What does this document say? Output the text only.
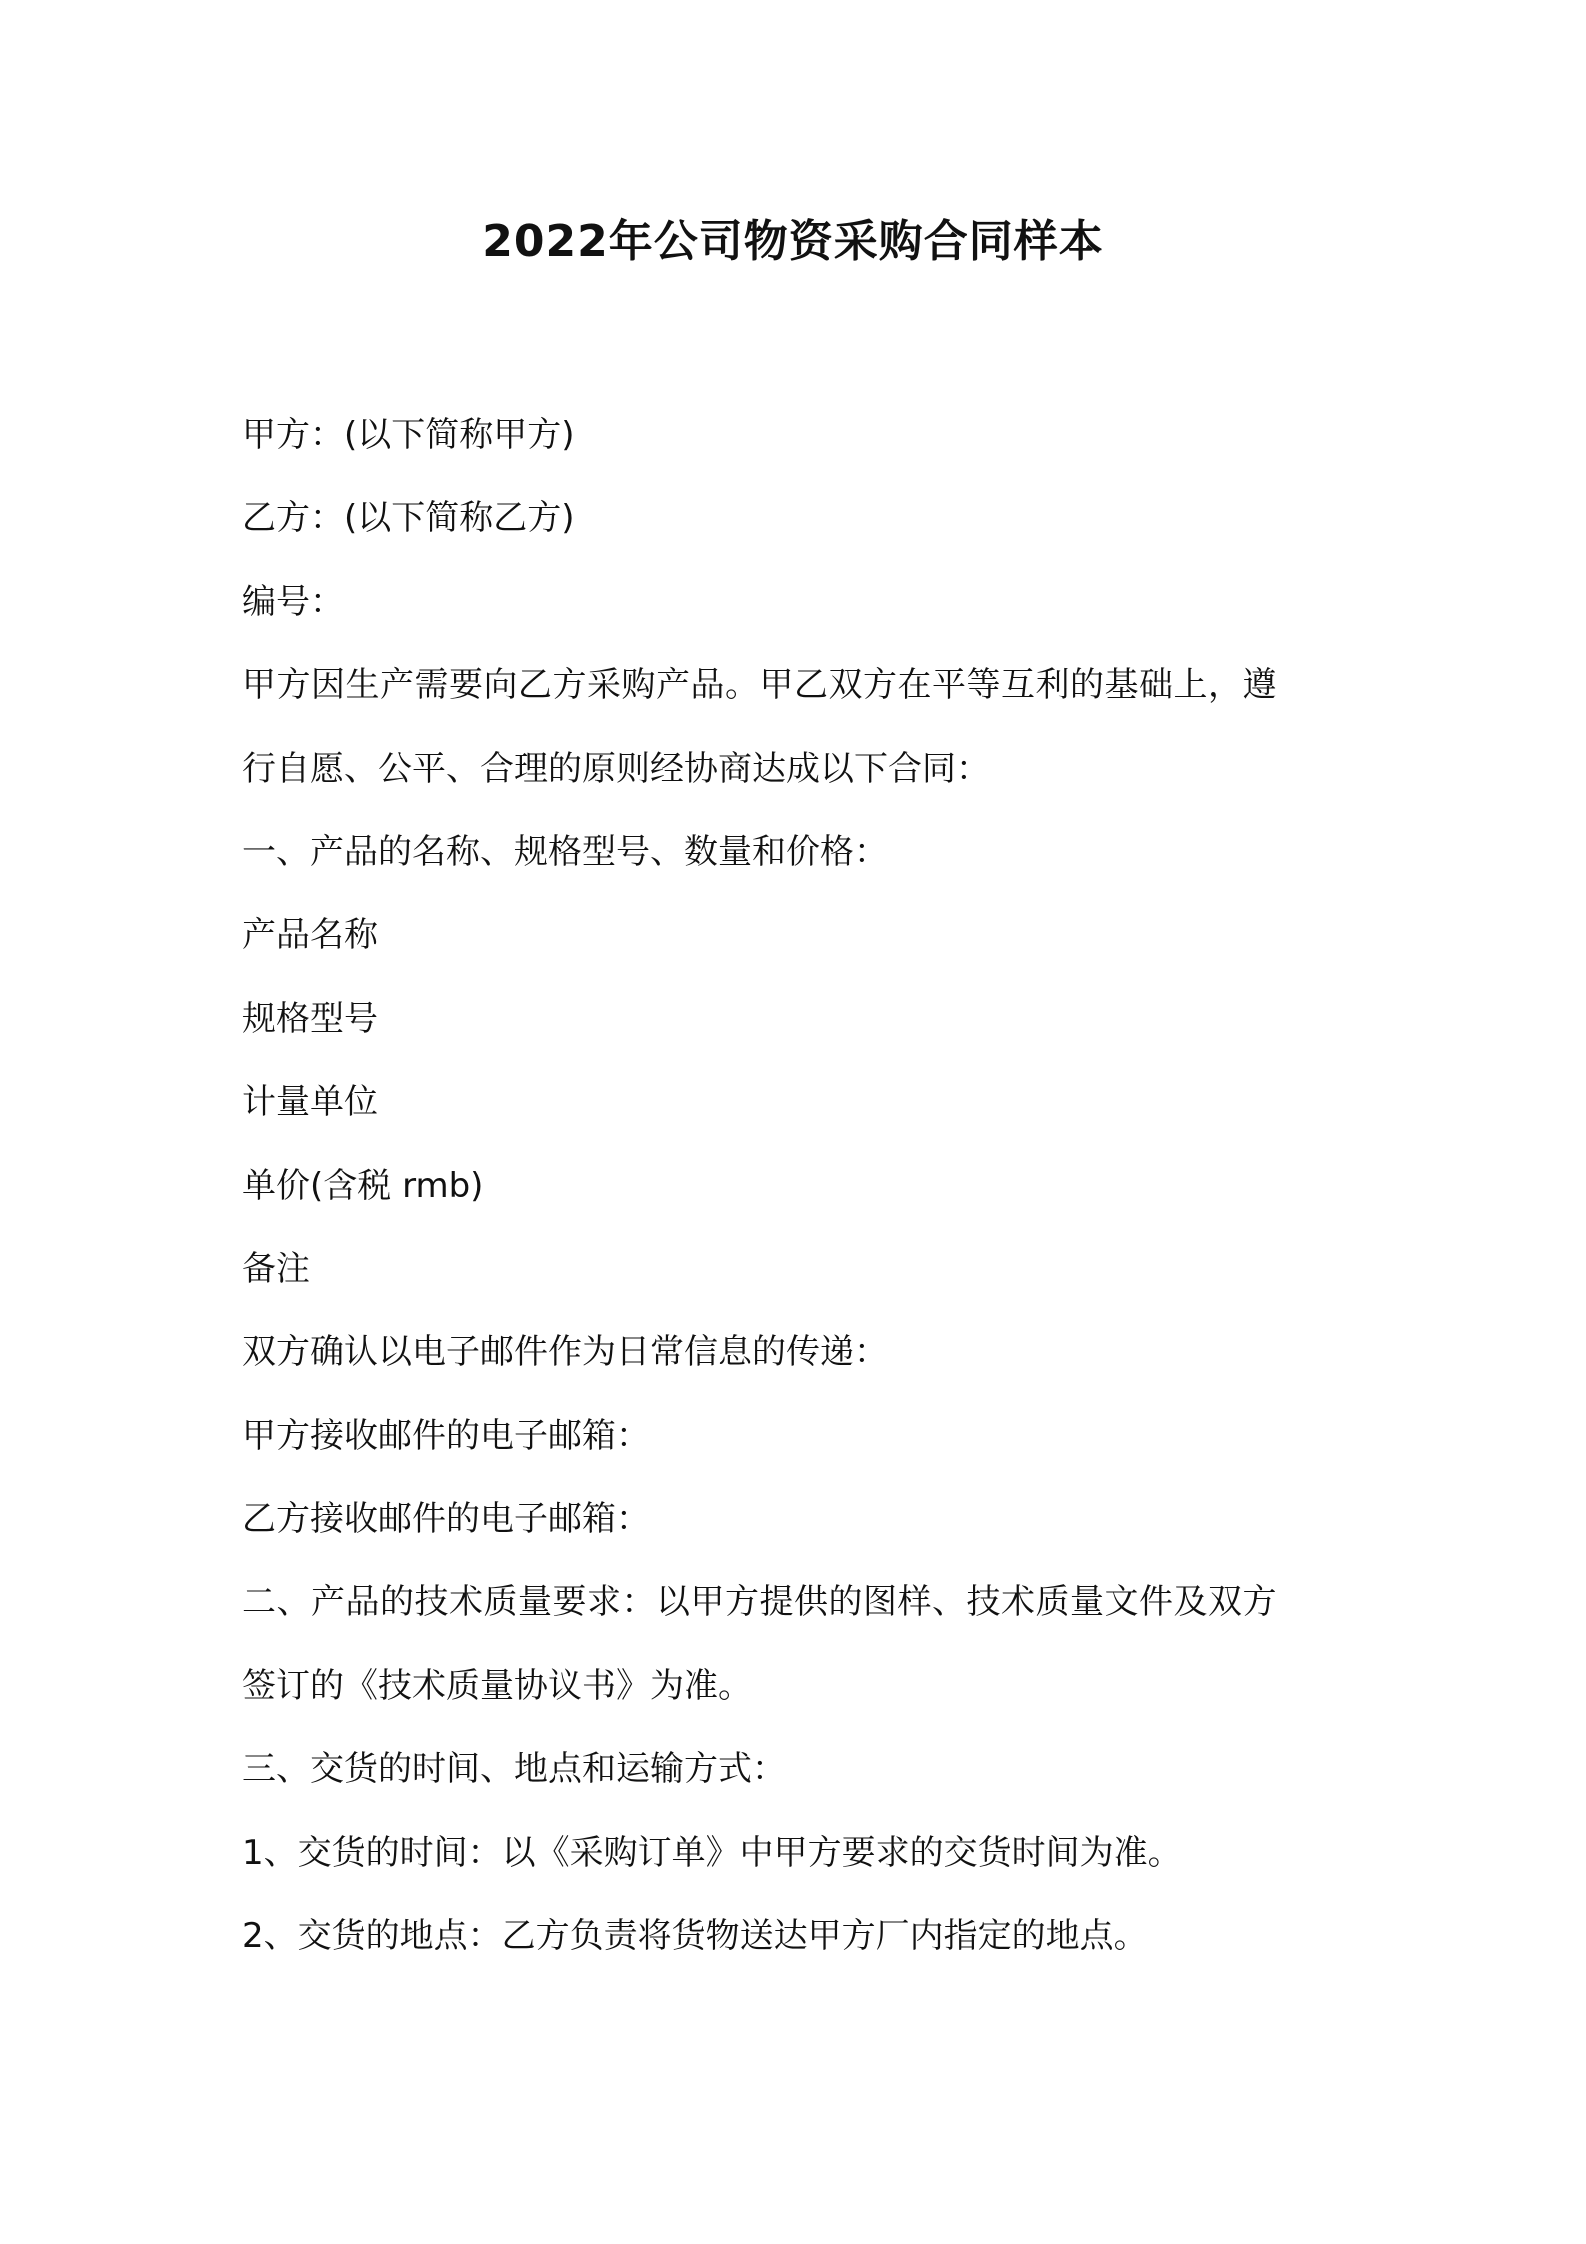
2022年公司物资采购合同样本
甲方：(以下简称甲方)
乙方：(以下简称乙方)
编号：
甲方因生产需要向乙方采购产品。甲乙双方在平等互利的基础上，遵
行自愿、公平、合理的原则经协商达成以下合同：
一、产品的名称、规格型号、数量和价格：
产品名称
规格型号
计量单位
单价(含税 rmb)
备注
双方确认以电子邮件作为日常信息的传递：
甲方接收邮件的电子邮箱：
乙方接收邮件的电子邮箱：
二、产品的技术质量要求：以甲方提供的图样、技术质量文件及双方
签订的《技术质量协议书》为准。
三、交货的时间、地点和运输方式：
1、交货的时间：以《采购订单》中甲方要求的交货时间为准。
2、交货的地点：乙方负责将货物送达甲方厂内指定的地点。
